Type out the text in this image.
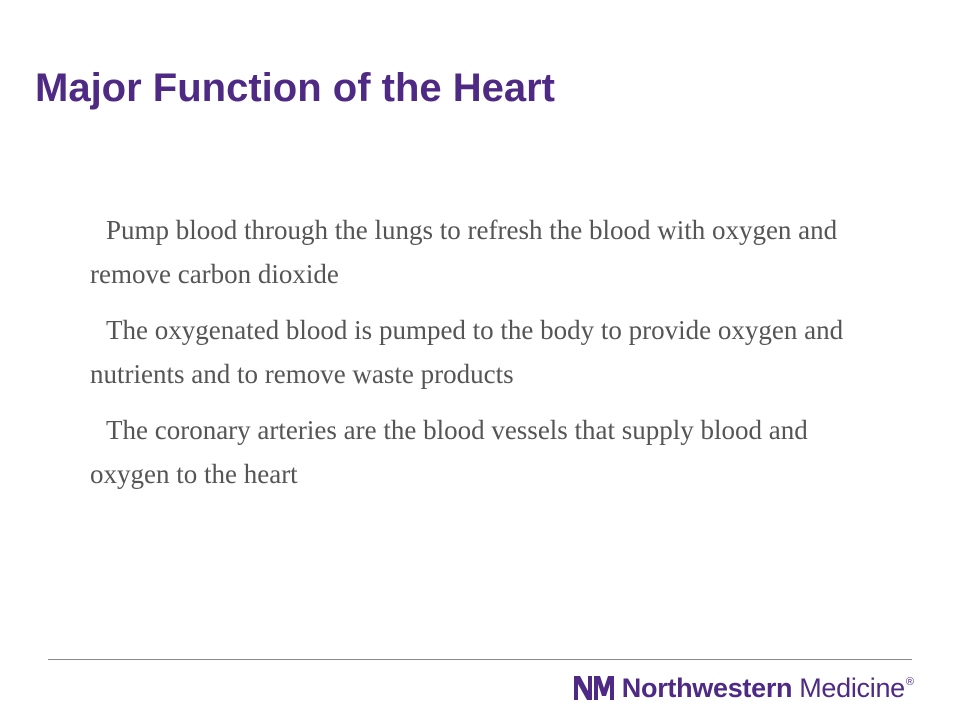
Major Function of the Heart
Pump blood through the lungs to refresh the blood with oxygen and remove carbon dioxide
The oxygenated blood is pumped to the body to provide oxygen and nutrients and to remove waste products
The coronary arteries are the blood vessels that supply blood and oxygen to the heart
Northwestern Medicine ®
